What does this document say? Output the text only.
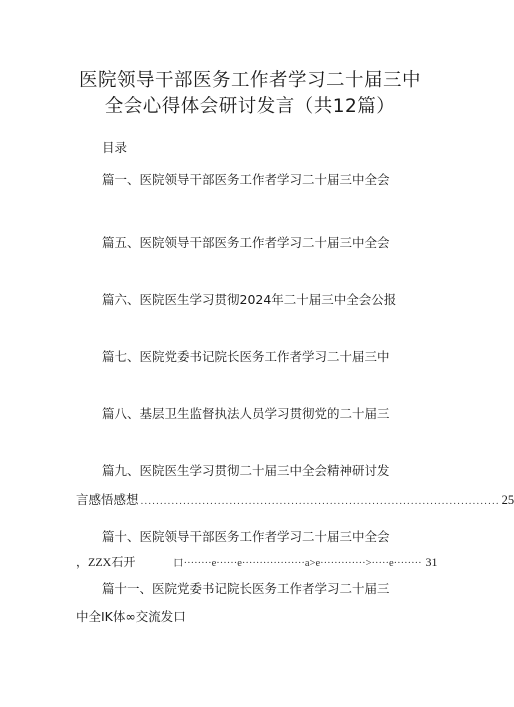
医院领导干部医务工作者学习二十届三中
全会心得体会研讨发言（共12篇）
目录
篇一、医院领导干部医务工作者学习二十届三中全会
篇五、医院领导干部医务工作者学习二十届三中全会
篇六、医院医生学习贯彻2024年二十届三中全会公报
篇七、医院党委书记院长医务工作者学习二十届三中
篇八、基层卫生监督执法人员学习贯彻党的二十届三
篇九、医院医生学习贯彻二十届三中全会精神研讨发
言感悟感想 ............................................................................................. 25
篇十、医院领导干部医务工作者学习二十届三中全会
，ZZX石开	口········e······e··················a>e·············>·····e········ 31
篇十一、医院党委书记院长医务工作者学习二十届三
中全IK体∞交流发口
